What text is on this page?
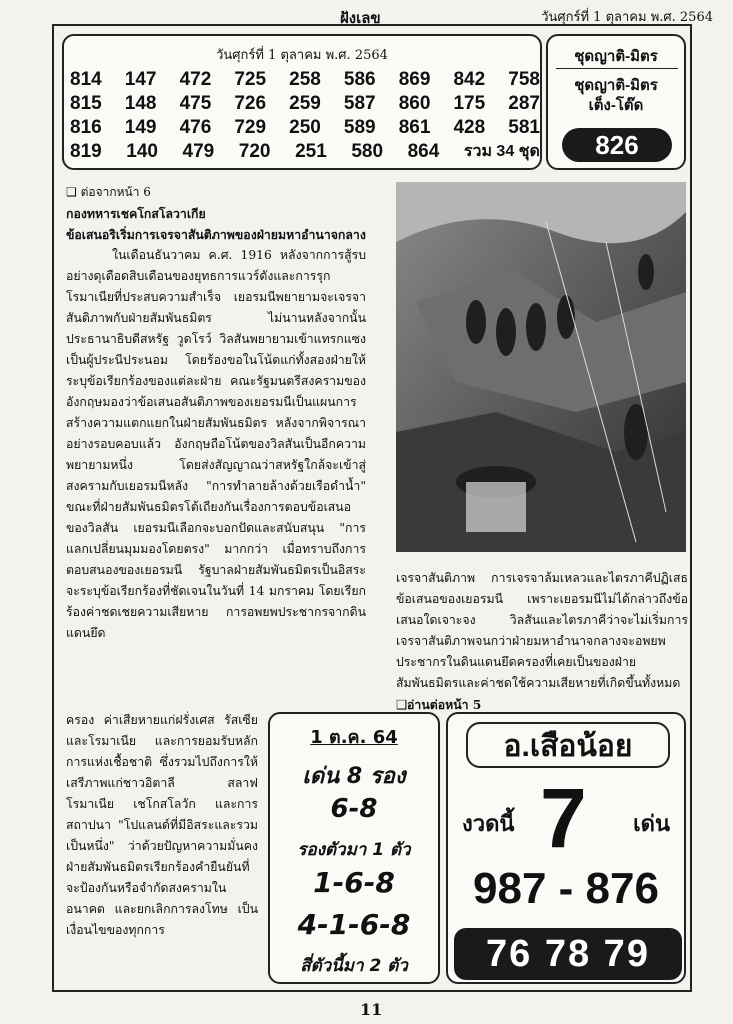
ฝังเลข	วันศุกร์ที่ 1 ตุลาคม พ.ศ. 2564
วันศุกร์ที่ 1 ตุลาคม พ.ศ. 2564
814 147 472 725 258 586 869 842 758
815 148 475 726 259 587 860 175 287
816 149 476 729 250 589 861 428 581
819 140 479 720 251 580 864 รวม 34 ชุด
ชุดญาติ-มิตร
ชุดญาติ-มิตร
เต็ง-โต๊ด
826
❑ ต่อจากหน้า 6
กองทหารเชคโกสโลวาเกีย
ข้อเสนอริเริ่มการเจรจาสันติภาพของฝ่ายมหาอำนาจกลาง

ในเดือนธันวาคม ค.ศ. 1916 หลังจากการสู้รบอย่างดุเดือดสิบเดือนของยุทธการแวร์ดังและการรุกโรมาเนียที่ประสบความสำเร็จ เยอรมนีพยายามจะเจรจาสันติภาพกับฝ่ายสัมพันธมิตร ไม่นานหลังจากนั้น ประธานาธิบดีสหรัฐ วูดโรว์ วิลสันพยายามเข้าแทรกแซงเป็นผู้ประนีประนอม โดยร้องขอในโน้ตแก่ทั้งสองฝ่ายให้ระบุข้อเรียกร้องของแต่ละฝ่าย คณะรัฐมนตรีสงครามของอังกฤษมองว่าข้อเสนอสันติภาพของเยอรมนีเป็นแผนการสร้างความแตกแยกในฝ่ายสัมพันธมิตร หลังจากพิจารณาอย่างรอบคอบแล้ว อังกฤษถือโน้ตของวิลสันเป็นอีกความพยายามหนึ่ง โดยส่งสัญญาณว่าสหรัฐใกล้จะเข้าสู่สงครามกับเยอรมนีหลัง "การทำลายล้างด้วยเรือดำน้ำ" ขณะที่ฝ่ายสัมพันธมิตรโต้เถียงกันเรื่องการตอบข้อเสนอของวิลสัน เยอรมนีเลือกจะบอกปัดและสนับสนุน "การแลกเปลี่ยนมุมมองโดยตรง" มากกว่า เมื่อทราบถึงการตอบสนองของเยอรมนี รัฐบาลฝ่ายสัมพันธมิตรเป็นอิสระจะระบุข้อเรียกร้องที่ชัดเจนในวันที่ 14 มกราคม โดยเรียกร้องค่าชดเชยความเสียหาย การอพยพประชากรจากดินแดนยึด

เจรจาสันติภาพ การเจรจาล้มเหลวและไตรภาคีปฏิเสธข้อเสนอของเยอรมนี เพราะเยอรมนีไม่ได้กล่าวถึงข้อเสนอใดเจาะจง วิลสันและไตรภาคีว่าจะไม่เริ่มการเจรจาสันติภาพจนกว่าฝ่ายมหาอำนาจกลางจะอพยพประชากรในดินแดนยึดครองที่เคยเป็นของฝ่ายสัมพันธมิตรและค่าชดใช้ความเสียหายที่เกิดขึ้นทั้งหมด ❑อ่านต่อหน้า 5
ครอง ค่าเสียหายแก่ฝรั่งเศส รัสเซีย และโรมาเนีย และการยอมรับหลักการแห่งเชื้อชาติ ซึ่งรวมไปถึงการให้เสรีภาพแก่ชาวอิตาลี สลาฟ โรมาเนีย เชโกสโลวัก และการสถาปนา "โปแลนด์ที่มีอิสระและรวมเป็นหนึ่ง" ว่าด้วยปัญหาความมั่นคง ฝ่ายสัมพันธมิตรเรียกร้องคำยืนยันที่จะป้องกันหรือจำกัดสงครามในอนาคต และยกเลิกการลงโทษ เป็นเงื่อนไขของทุกการ
1 ต.ค. 64
เด่น 8 รอง
6-8
รองตัวมา 1 ตัว
1-6-8
4-1-6-8
สี่ตัวนี้มา 2 ตัว
อ.เสือน้อย
งวดนี้ 7 เด่น
987 - 876
76 78 79
11
